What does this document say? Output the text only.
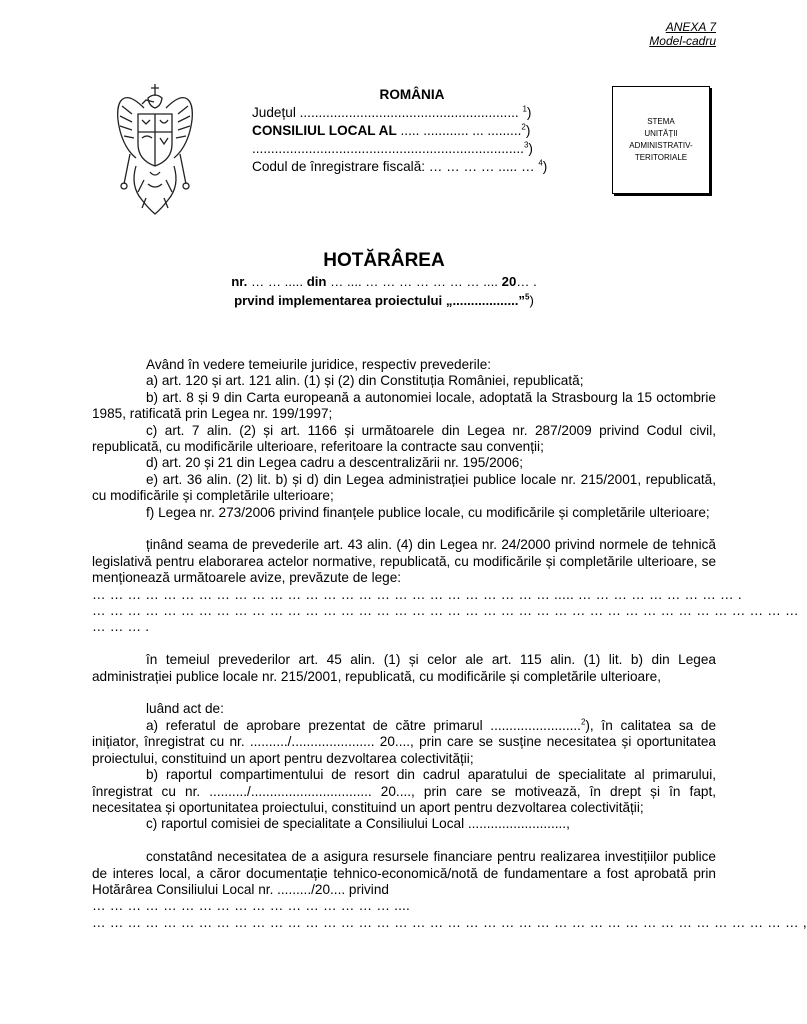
ANEXA 7
Model-cadru
ROMÂNIA
Județul .......................................................... $^1$)
CONSILIUL LOCAL AL ..... ............ ... .........$^2$)
........................................................................$^3$)
Codul de înregistrare fiscală: … … … … ..... … $^4$)
STEMA
UNITĂȚII
ADMINISTRATIV-
TERITORIALE
HOTĂRÂREA
nr. … … ..... din … .... … … … … … … … .... 20… .
prvind implementarea proiectului „..................”$^5$)

Având în vedere temeiurile juridice, respectiv prevederile:

a) art. 120 și art. 121 alin. (1) și (2) din Constituția României, republicată;

b) art. 8 și 9 din Carta europeană a autonomiei locale, adoptată la Strasbourg la 15 octombrie 1985, ratificată prin Legea nr. 199/1997;

c) art. 7 alin. (2) și art. 1166 și următoarele din Legea nr. 287/2009 privind Codul civil, republicată, cu modificările ulterioare, referitoare la contracte sau convenții;

d) art. 20 și 21 din Legea cadru a descentralizării nr. 195/2006;

e) art. 36 alin. (2) lit. b) și d) din Legea administrației publice locale nr. 215/2001, republicată, cu modificările și completările ulterioare;

f) Legea nr. 273/2006 privind finanțele publice locale, cu modificările și completările ulterioare;

ținând seama de prevederile art. 43 alin. (4) din Legea nr. 24/2000 privind normele de tehnică legislativă pentru elaborarea actelor normative, republicată, cu modificările și completările ulterioare, se menționează următoarele avize, prevăzute de lege:

… … … … … … … … … … … … … … … … … … … … … … … … … … ..... … … … … … … … … … .

… … … … … … … … … … … … … … … … … … … … … … … … … … … … … … … … … … … … … … … …

… … … .

în temeiul prevederilor art. 45 alin. (1) și celor ale art. 115 alin. (1) lit. b) din Legea administrației publice locale nr. 215/2001, republicată, cu modificările și completările ulterioare,

luând act de:

a) referatul de aprobare prezentat de către primarul ........................$^2$), în calitatea sa de inițiator, înregistrat cu nr. ........../...................... 20...., prin care se susține necesitatea și oportunitatea proiectului, constituind un aport pentru dezvoltarea colectivității;

b) raportul compartimentului de resort din cadrul aparatului de specialitate al primarului, înregistrat cu nr. ........../................................ 20...., prin care se motivează, în drept și în fapt, necesitatea și oportunitatea proiectului, constituind un aport pentru dezvoltarea colectivității;

c) raportul comisiei de specialitate a Consiliului Local ..........................,

constatând necesitatea de a asigura resursele financiare pentru realizarea investițiilor publice de interes local, a căror documentație tehnico-economică/notă de fundamentare a fost aprobată prin Hotărârea Consiliului Local nr. ........./20.... privind

… … … … … … … … … … … … … … … … … ....

… … … … … … … … … … … … … … … … … … … … … … … … … … … … … … … … … … … … … … … … ,
